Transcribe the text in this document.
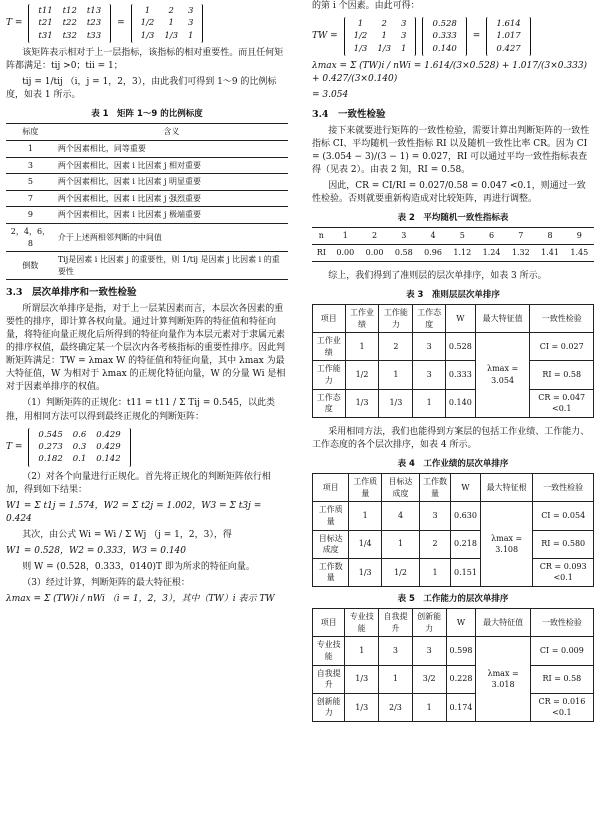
T =
t11	t12	t13
t21	t22	t23
t31	t32	t33
=
1	2	3
1/2	1	3
1/3	1/3	1

该矩阵表示相对于上一层指标，该指标的相对重要性。而且任何矩阵都满足：tij >0；tii = 1；

tij = 1/tij （i，j = 1，2，3），由此我们可得到 1～9 的比例标度，如表 1 所示。

表 1　矩阵 1～9 的比例标度
标度	含义
1	两个因素相比，同等重要
3	两个因素相比，因素 i 比因素 j 相对重要
5	两个因素相比，因素 i 比因素 j 明显重要
7	两个因素相比，因素 i 比因素 j 强烈重要
9	两个因素相比，因素 i 比因素 j 极端重要
2，4，6，8	介于上述两相邻判断的中间值
倒数	Tij是因素 i 比因素 j 的重要性，则 1/tij 是因素 j 比因素 i 的重要性
3.3　层次单排序和一致性检验

所谓层次单排序是指，对于上一层某因素而言，本层次各因素的重要性的排序，即计算各权向量。通过计算判断矩阵的特征值和特征向量，将特征向量正规化后所得到的特征向量作为本层元素对于隶属元素的排序权值，最终确定某一个层次内各考核指标的重要性排序。因此判断矩阵满足：TW = λmax W 的特征值和特征向量，其中 λmax 为最大特征值，W 为相对于 λmax 的正规化特征向量，W 的分量 Wi 是相对于因素单排序的权值。

（1）判断矩阵的正规化：t11 = t11 / Σ Tij = 0.545，以此类推，用相同方法可以得到最终正规化的判断矩阵：

T =
0.545	0.6	0.429
0.273	0.3	0.429
0.182	0.1	0.142

（2）对各个向量进行正规化。首先将正规化的判断矩阵依行相加，得到如下结果：

W1 = Σ t1j = 1.574，W2 = Σ t2j = 1.002，W3 = Σ t3j = 0.424

其次，由公式 Wi = Wi / Σ Wj （j = 1，2，3），得

W1 = 0.528，W2 = 0.333，W3 = 0.140

则 W = (0.528，0.333，0140)T 即为所求的特征向量。

（3）经过计算，判断矩阵的最大特征根：

λmax = Σ (TW)i / nWi （i = 1，2，3），其中（TW）i 表示 TW

的第 i 个因素。由此可得：

TW =
1	2	3
1/2	1	3
1/3	1/3	1
0.528
0.333
0.140
=
1.614
1.017
0.427

λmax = Σ (TW)i / nWi = 1.614/(3×0.528) + 1.017/(3×0.333) + 0.427/(3×0.140)

= 3.054

3.4　一致性检验

接下来就要进行矩阵的一致性检验，需要计算出判断矩阵的一致性指标 CI、平均随机一致性指标 RI 以及随机一致性比率 CR。因为 CI = (3.054 − 3)/(3 − 1) = 0.027，RI 可以通过平均一致性指标表查得（见表 2）。由表 2 知，RI = 0.58。

因此，CR = CI/RI = 0.027/0.58 = 0.047 <0.1，则通过一致性检验。否则就要重新构造成对比较矩阵，再进行调整。

表 2　平均随机一致性指标表
n	1	2	3	4	5	6	7	8	9
RI	0.00	0.00	0.58	0.96	1.12	1.24	1.32	1.41	1.45

综上，我们得到了准则层的层次单排序，如表 3 所示。

表 3　准则层层次单排序
项目	工作业绩	工作能力	工作态度	W	最大特征值	一致性检验
工作业绩	1	2	3	0.528	λmax = 3.054	CI = 0.027
工作能力	1/2	1	3	0.333		RI = 0.58
工作态度	1/3	1/3	1	0.140		CR = 0.047 <0.1

采用相同方法，我们也能得到方案层的包括工作业绩、工作能力、工作态度的各个层次排序，如表 4 所示。

表 4　工作业绩的层次单排序
项目	工作质量	目标达成度	工作数量	W	最大特征根	一致性检验
工作质量	1	4	3	0.630	λmax = 3.108	CI = 0.054
目标达成度	1/4	1	2	0.218		RI = 0.580
工作数量	1/3	1/2	1	0.151		CR = 0.093 <0.1
表 5　工作能力的层次单排序
项目	专业技能	自我提升	创新能力	W	最大特征值	一致性检验
专业技能	1	3	3	0.598	λmax = 3.018	CI = 0.009
自我提升	1/3	1	3/2	0.228		RI = 0.58
创新能力	1/3	2/3	1	0.174		CR = 0.016 <0.1
